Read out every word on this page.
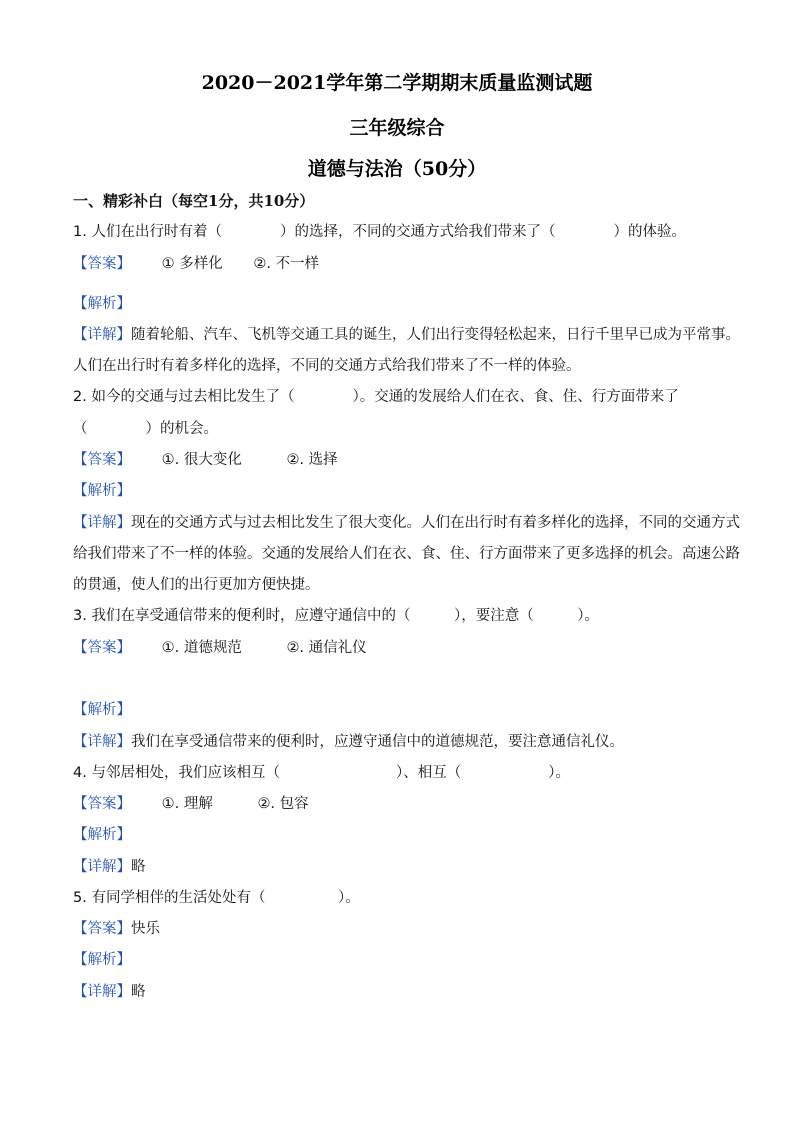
2020－2021学年第二学期期末质量监测试题
三年级综合
道德与法治（50分）
一、精彩补白（每空1分，共10分）
1. 人们在出行时有着（　　　　）的选择，不同的交通方式给我们带来了（　　　　）的体验。
【答案】 ① 多样化 ②. 不一样
【解析】
【详解】随着轮船、汽车、飞机等交通工具的诞生，人们出行变得轻松起来，日行千里早已成为平常事。
人们在出行时有着多样化的选择，不同的交通方式给我们带来了不一样的体验。
2. 如今的交通与过去相比发生了（　　　　）。交通的发展给人们在衣、食、住、行方面带来了
（　　　　）的机会。
【答案】 ①. 很大变化	②. 选择
【解析】
【详解】现在的交通方式与过去相比发生了很大变化。人们在出行时有着多样化的选择，不同的交通方式
给我们带来了不一样的体验。交通的发展给人们在衣、食、住、行方面带来了更多选择的机会。高速公路
的贯通，使人们的出行更加方便快捷。
3. 我们在享受通信带来的便利时，应遵守通信中的（　　　），要注意（　　　）。
【答案】 ①. 道德规范	②. 通信礼仪
【解析】
【详解】我们在享受通信带来的便利时，应遵守通信中的道德规范，要注意通信礼仪。
4. 与邻居相处，我们应该相互（　　　　　　　　）、相互（　　　　　　）。
【答案】 ①. 理解	②. 包容
【解析】
【详解】略
5. 有同学相伴的生活处处有（　　　　　）。
【答案】快乐
【解析】
【详解】略
